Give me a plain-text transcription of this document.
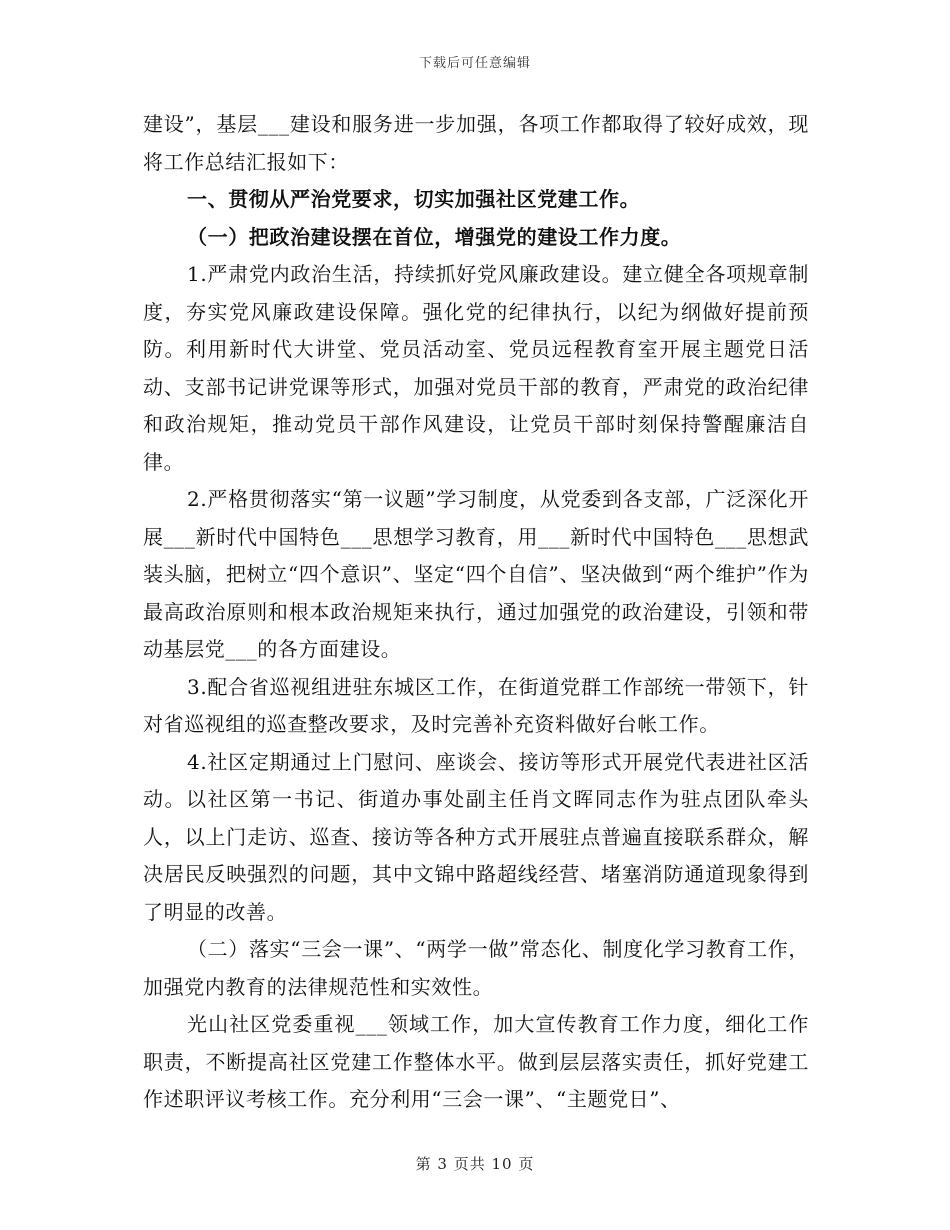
下载后可任意编辑

建设”，基层___建设和服务进一步加强，各项工作都取得了较好成效，现将工作总结汇报如下：

一、贯彻从严治党要求，切实加强社区党建工作。

（一）把政治建设摆在首位，增强党的建设工作力度。

1.严肃党内政治生活，持续抓好党风廉政建设。建立健全各项规章制度，夯实党风廉政建设保障。强化党的纪律执行，以纪为纲做好提前预防。利用新时代大讲堂、党员活动室、党员远程教育室开展主题党日活动、支部书记讲党课等形式，加强对党员干部的教育，严肃党的政治纪律和政治规矩，推动党员干部作风建设，让党员干部时刻保持警醒廉洁自律。

2.严格贯彻落实“第一议题”学习制度，从党委到各支部，广泛深化开展___新时代中国特色___思想学习教育，用___新时代中国特色___思想武装头脑，把树立“四个意识”、坚定“四个自信”、坚决做到“两个维护”作为最高政治原则和根本政治规矩来执行，通过加强党的政治建设，引领和带动基层党___的各方面建设。

3.配合省巡视组进驻东城区工作，在街道党群工作部统一带领下，针对省巡视组的巡查整改要求，及时完善补充资料做好台帐工作。

4.社区定期通过上门慰问、座谈会、接访等形式开展党代表进社区活动。以社区第一书记、街道办事处副主任肖文晖同志作为驻点团队牵头人，以上门走访、巡查、接访等各种方式开展驻点普遍直接联系群众，解决居民反映强烈的问题，其中文锦中路超线经营、堵塞消防通道现象得到了明显的改善。

（二）落实“三会一课”、“两学一做”常态化、制度化学习教育工作，加强党内教育的法律规范性和实效性。

光山社区党委重视___领域工作，加大宣传教育工作力度，细化工作职责，不断提高社区党建工作整体水平。做到层层落实责任，抓好党建工作述职评议考核工作。充分利用“三会一课”、“主题党日”、

第 3 页共 10 页
